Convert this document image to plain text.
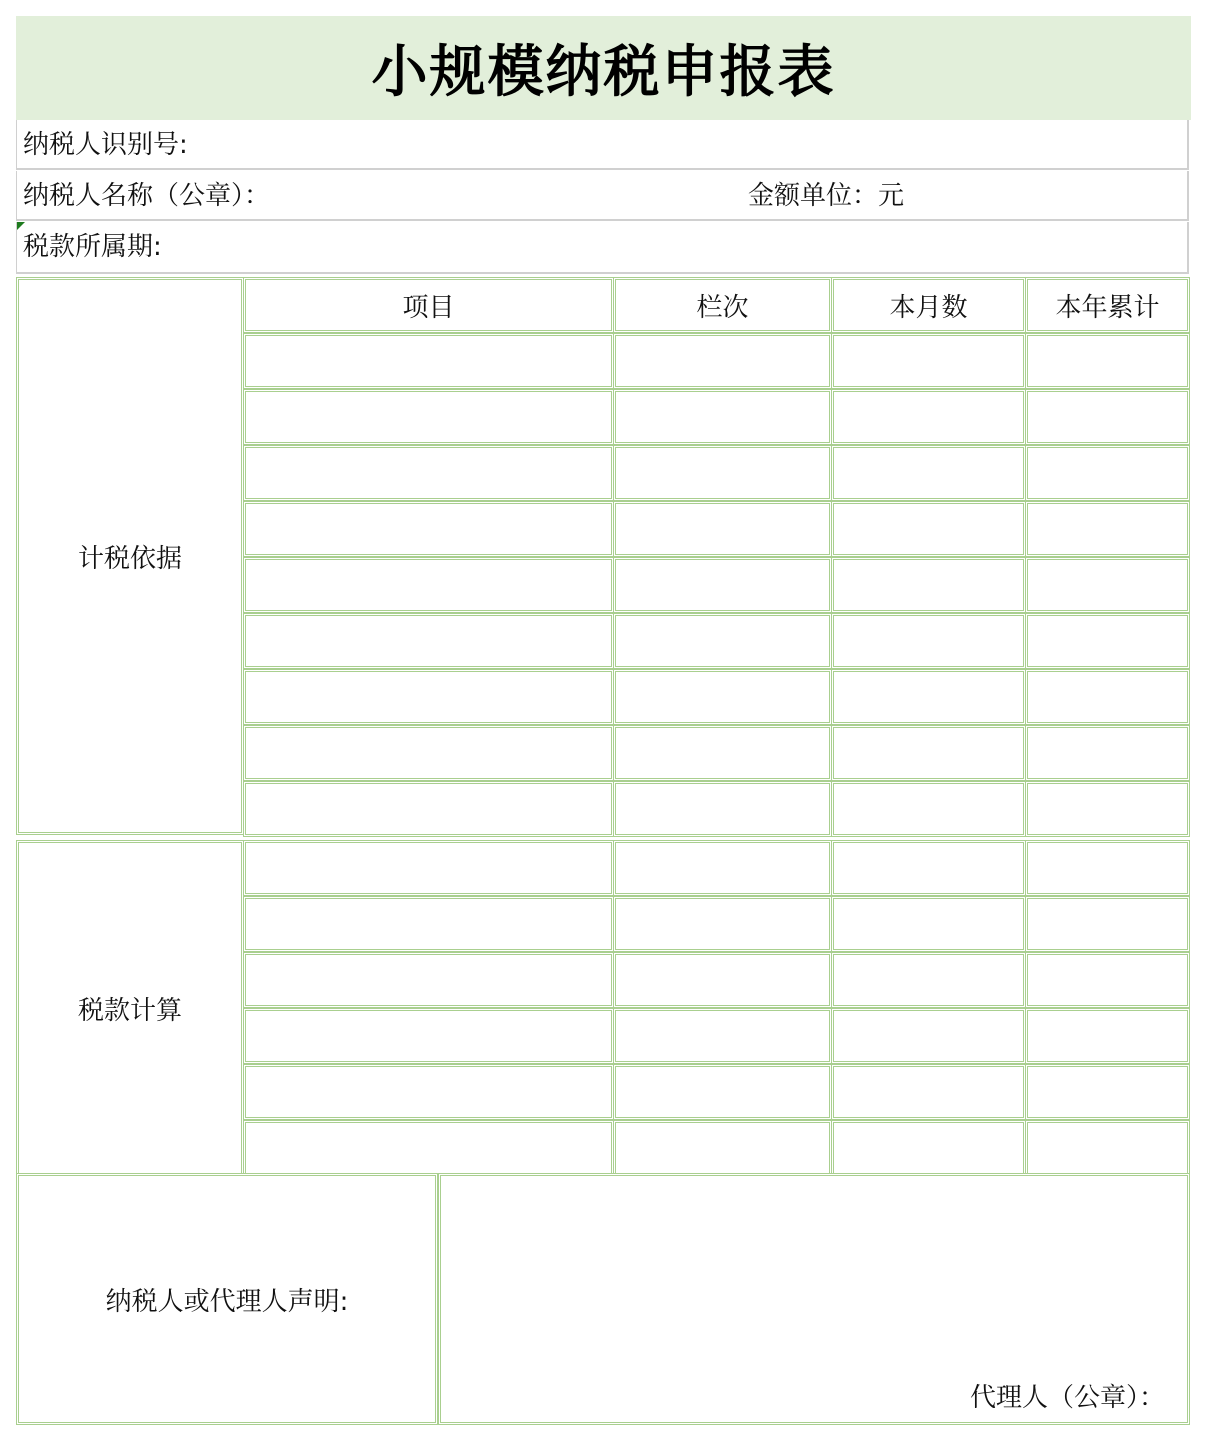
小规模纳税申报表
纳税人识别号:
纳税人名称（公章）：	金额单位：元
税款所属期:
项目	栏次	本月数	本年累计
计税依据
税款计算
纳税人或代理人声明:
代理人（公章）：
